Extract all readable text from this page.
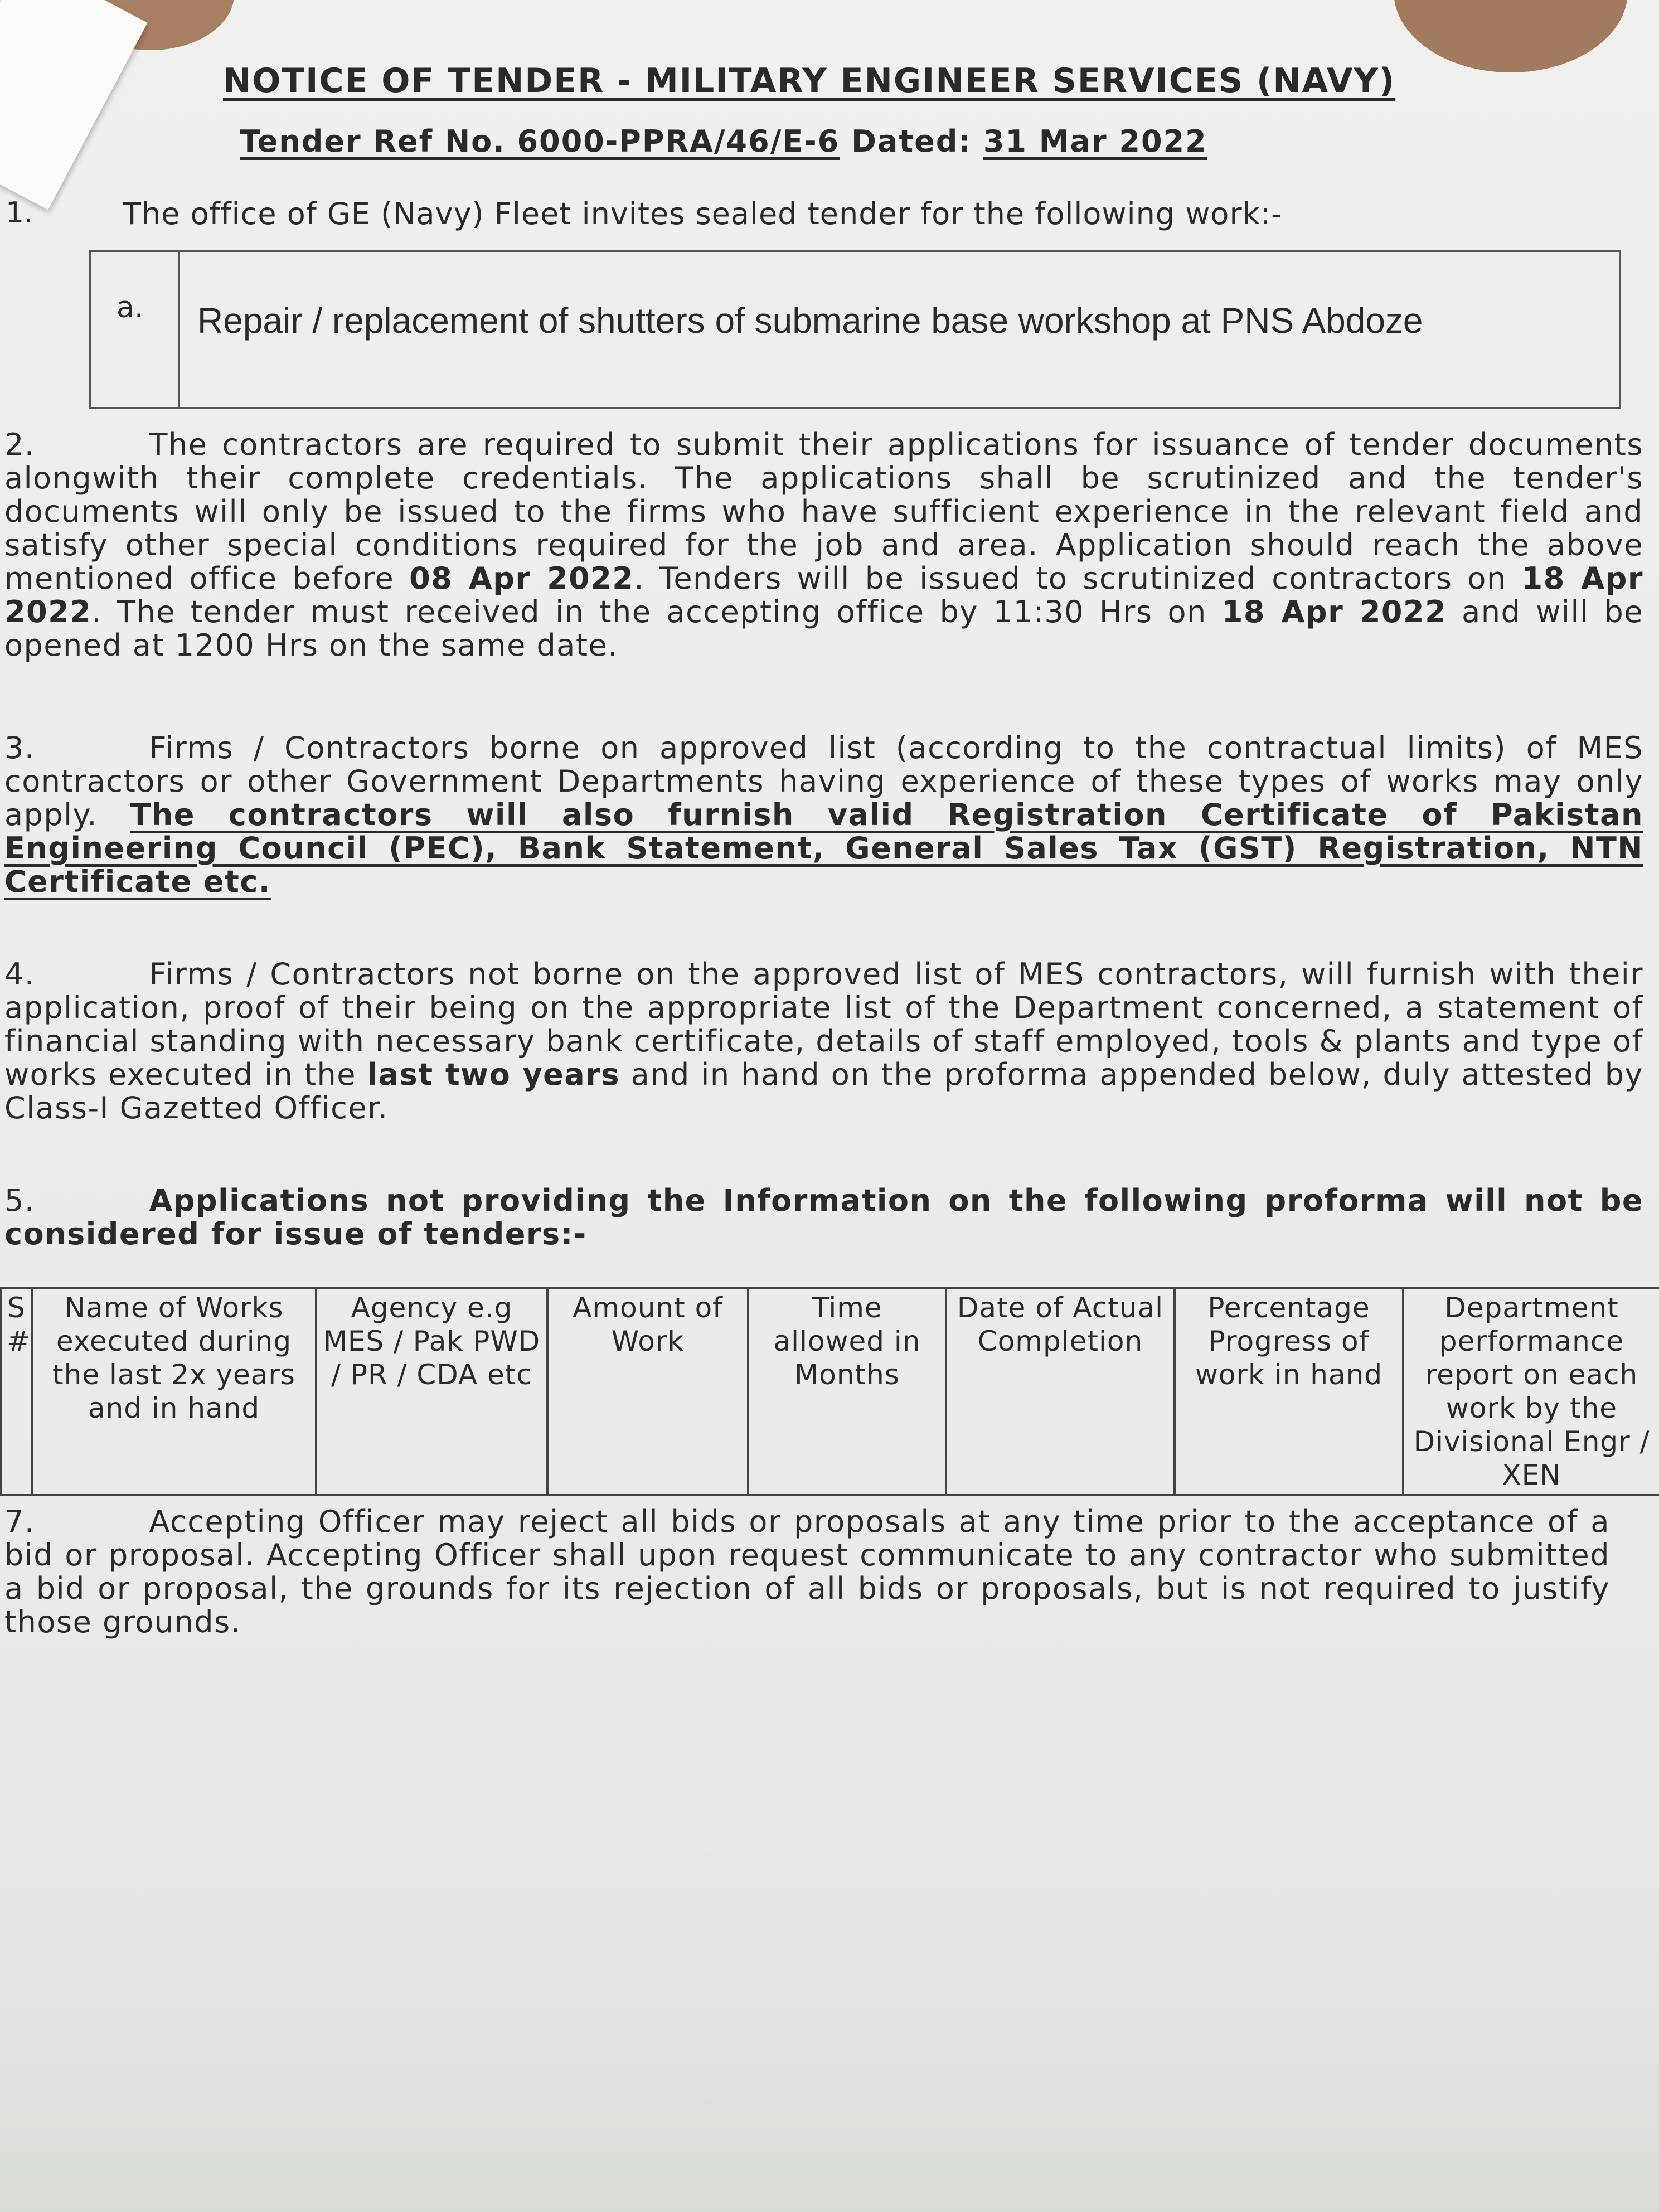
NOTICE OF TENDER - MILITARY ENGINEER SERVICES (NAVY)
Tender Ref No. 6000-PPRA/46/E-6 Dated: 31 Mar 2022
1.	The office of GE (Navy) Fleet invites sealed tender for the following work:-
a. Repair / replacement of shutters of submarine base workshop at PNS Abdoze
2.	The contractors are required to submit their applications for issuance of tender documents alongwith their complete credentials. The applications shall be scrutinized and the tender's documents will only be issued to the firms who have sufficient experience in the relevant field and satisfy other special conditions required for the job and area. Application should reach the above mentioned office before 08 Apr 2022. Tenders will be issued to scrutinized contractors on 18 Apr 2022. The tender must received in the accepting office by 11:30 Hrs on 18 Apr 2022 and will be opened at 1200 Hrs on the same date.
3.	Firms / Contractors borne on approved list (according to the contractual limits) of MES contractors or other Government Departments having experience of these types of works may only apply. The contractors will also furnish valid Registration Certificate of Pakistan Engineering Council (PEC), Bank Statement, General Sales Tax (GST) Registration, NTN Certificate etc.
4.	Firms / Contractors not borne on the approved list of MES contractors, will furnish with their application, proof of their being on the appropriate list of the Department concerned, a statement of financial standing with necessary bank certificate, details of staff employed, tools & plants and type of works executed in the last two years and in hand on the proforma appended below, duly attested by Class-I Gazetted Officer.
5.	Applications not providing the Information on the following proforma will not be considered for issue of tenders:-
S #	Name of Works executed during the last 2x years and in hand	Agency e.g MES / Pak PWD / PR / CDA etc	Amount of Work	Time allowed in Months	Date of Actual Completion	Percentage Progress of work in hand	Department performance report on each work by the Divisional Engr / XEN
7.	Accepting Officer may reject all bids or proposals at any time prior to the acceptance of a bid or proposal. Accepting Officer shall upon request communicate to any contractor who submitted a bid or proposal, the grounds for its rejection of all bids or proposals, but is not required to justify those grounds.
